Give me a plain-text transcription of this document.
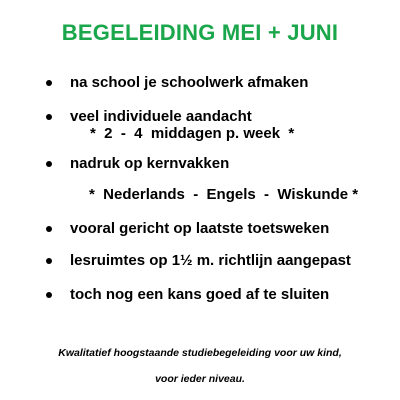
BEGELEIDING MEI + JUNI
na school je schoolwerk afmaken
veel individuele aandacht
*  2  -  4  middagen p. week  *
nadruk op kernvakken
*  Nederlands  -  Engels  -  Wiskunde *
vooral gericht op laatste toetsweken
lesruimtes op 1½ m. richtlijn aangepast
toch nog een kans goed af te sluiten
Kwalitatief hoogstaande studiebegeleiding voor uw kind,
voor ieder niveau.
